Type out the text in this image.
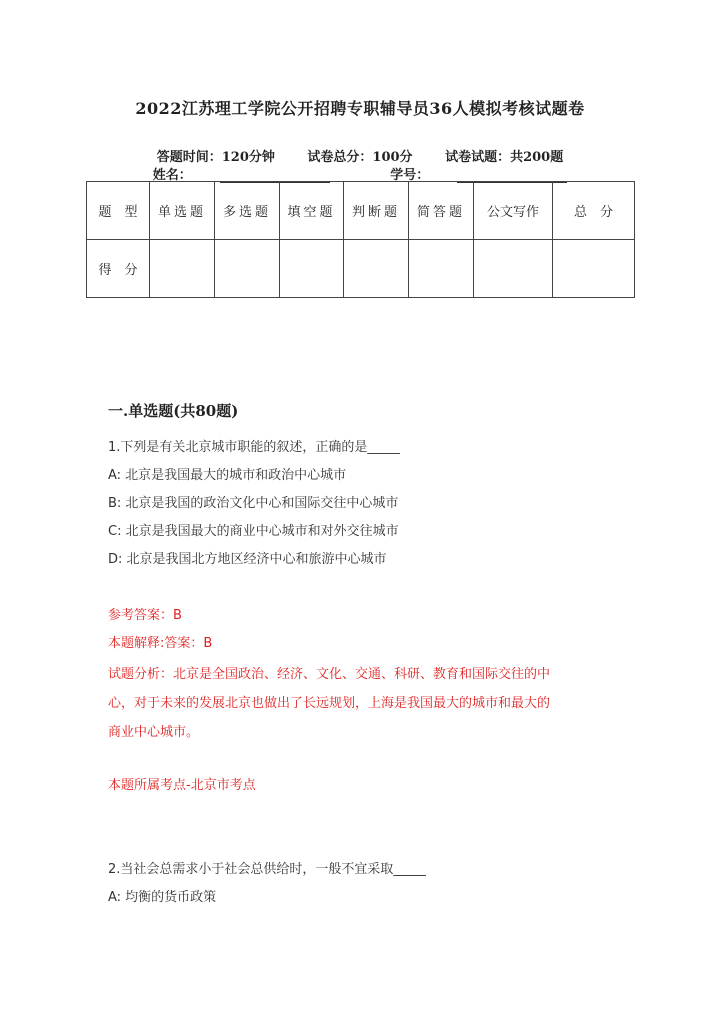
2022江苏理工学院公开招聘专职辅导员36人模拟考核试题卷
答题时间：120分钟	试卷总分：100分	试卷试题：共200题
姓名：	学号：
题　型	单选题	多选题	填空题	判断题	简答题	公文写作	总　分
得　分							
一.单选题(共80题)
1.下列是有关北京城市职能的叙述，正确的是_____
A: 北京是我国最大的城市和政治中心城市
B: 北京是我国的政治文化中心和国际交往中心城市
C: 北京是我国最大的商业中心城市和对外交往城市
D: 北京是我国北方地区经济中心和旅游中心城市
参考答案：B
本题解释:答案：B
试题分析：北京是全国政治、经济、文化、交通、科研、教育和国际交往的中
心，对于未来的发展北京也做出了长远规划，上海是我国最大的城市和最大的
商业中心城市。
本题所属考点-北京市考点
2.当社会总需求小于社会总供给时，一般不宜采取_____
A: 均衡的货币政策
